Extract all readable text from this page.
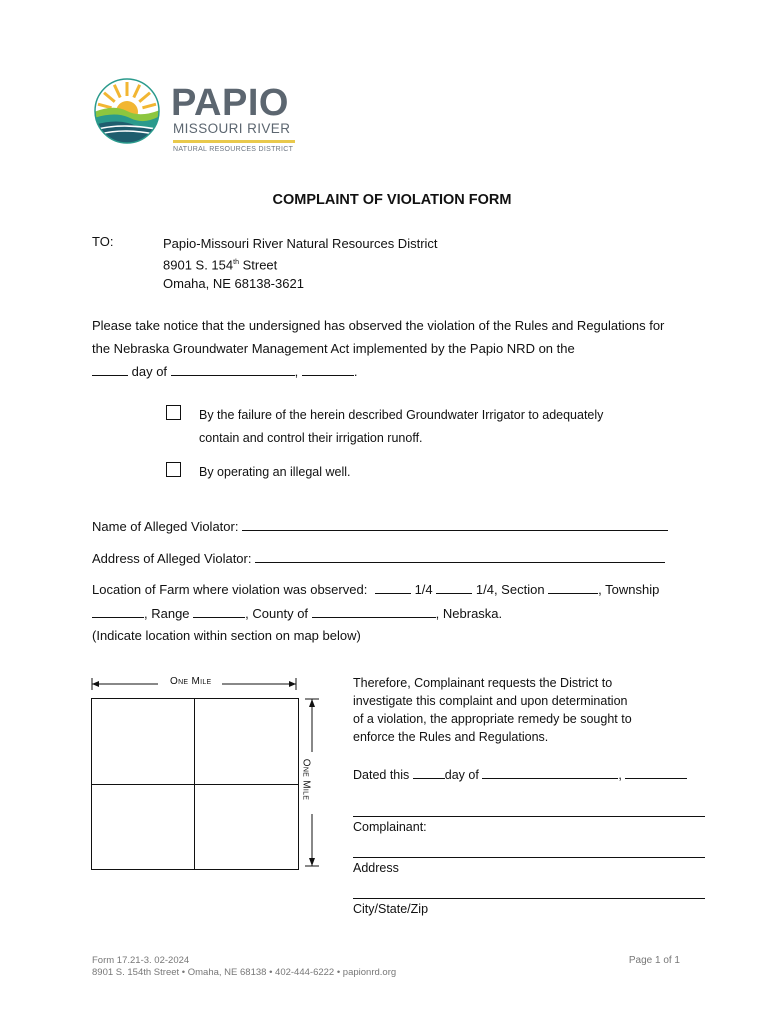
PAPIO
MISSOURI RIVER
NATURAL RESOURCES DISTRICT
COMPLAINT OF VIOLATION FORM
TO:	Papio-Missouri River Natural Resources District
8901 S. 154th Street
Omaha, NE 68138-3621
Please take notice that the undersigned has observed the violation of the Rules and Regulations for
the Nebraska Groundwater Management Act implemented by the Papio NRD on the
day of	,	.
By the failure of the herein described Groundwater Irrigator to adequately
contain and control their irrigation runoff.
By operating an illegal well.
Name of Alleged Violator:
Address of Alleged Violator:
Location of Farm where violation was observed:	1/4	1/4, Section	, Township
, Range	, County of	, Nebraska.
(Indicate location within section on map below)
One Mile
One Mile
Therefore, Complainant requests the District to
investigate this complaint and upon determination
of a violation, the appropriate remedy be sought to
enforce the Rules and Regulations.
Dated this	day of	,
Complainant:
Address
City/State/Zip
Form 17.21-3. 02-2024
8901 S. 154th Street • Omaha, NE 68138 • 402-444-6222 • papionrd.org
Page 1 of 1
